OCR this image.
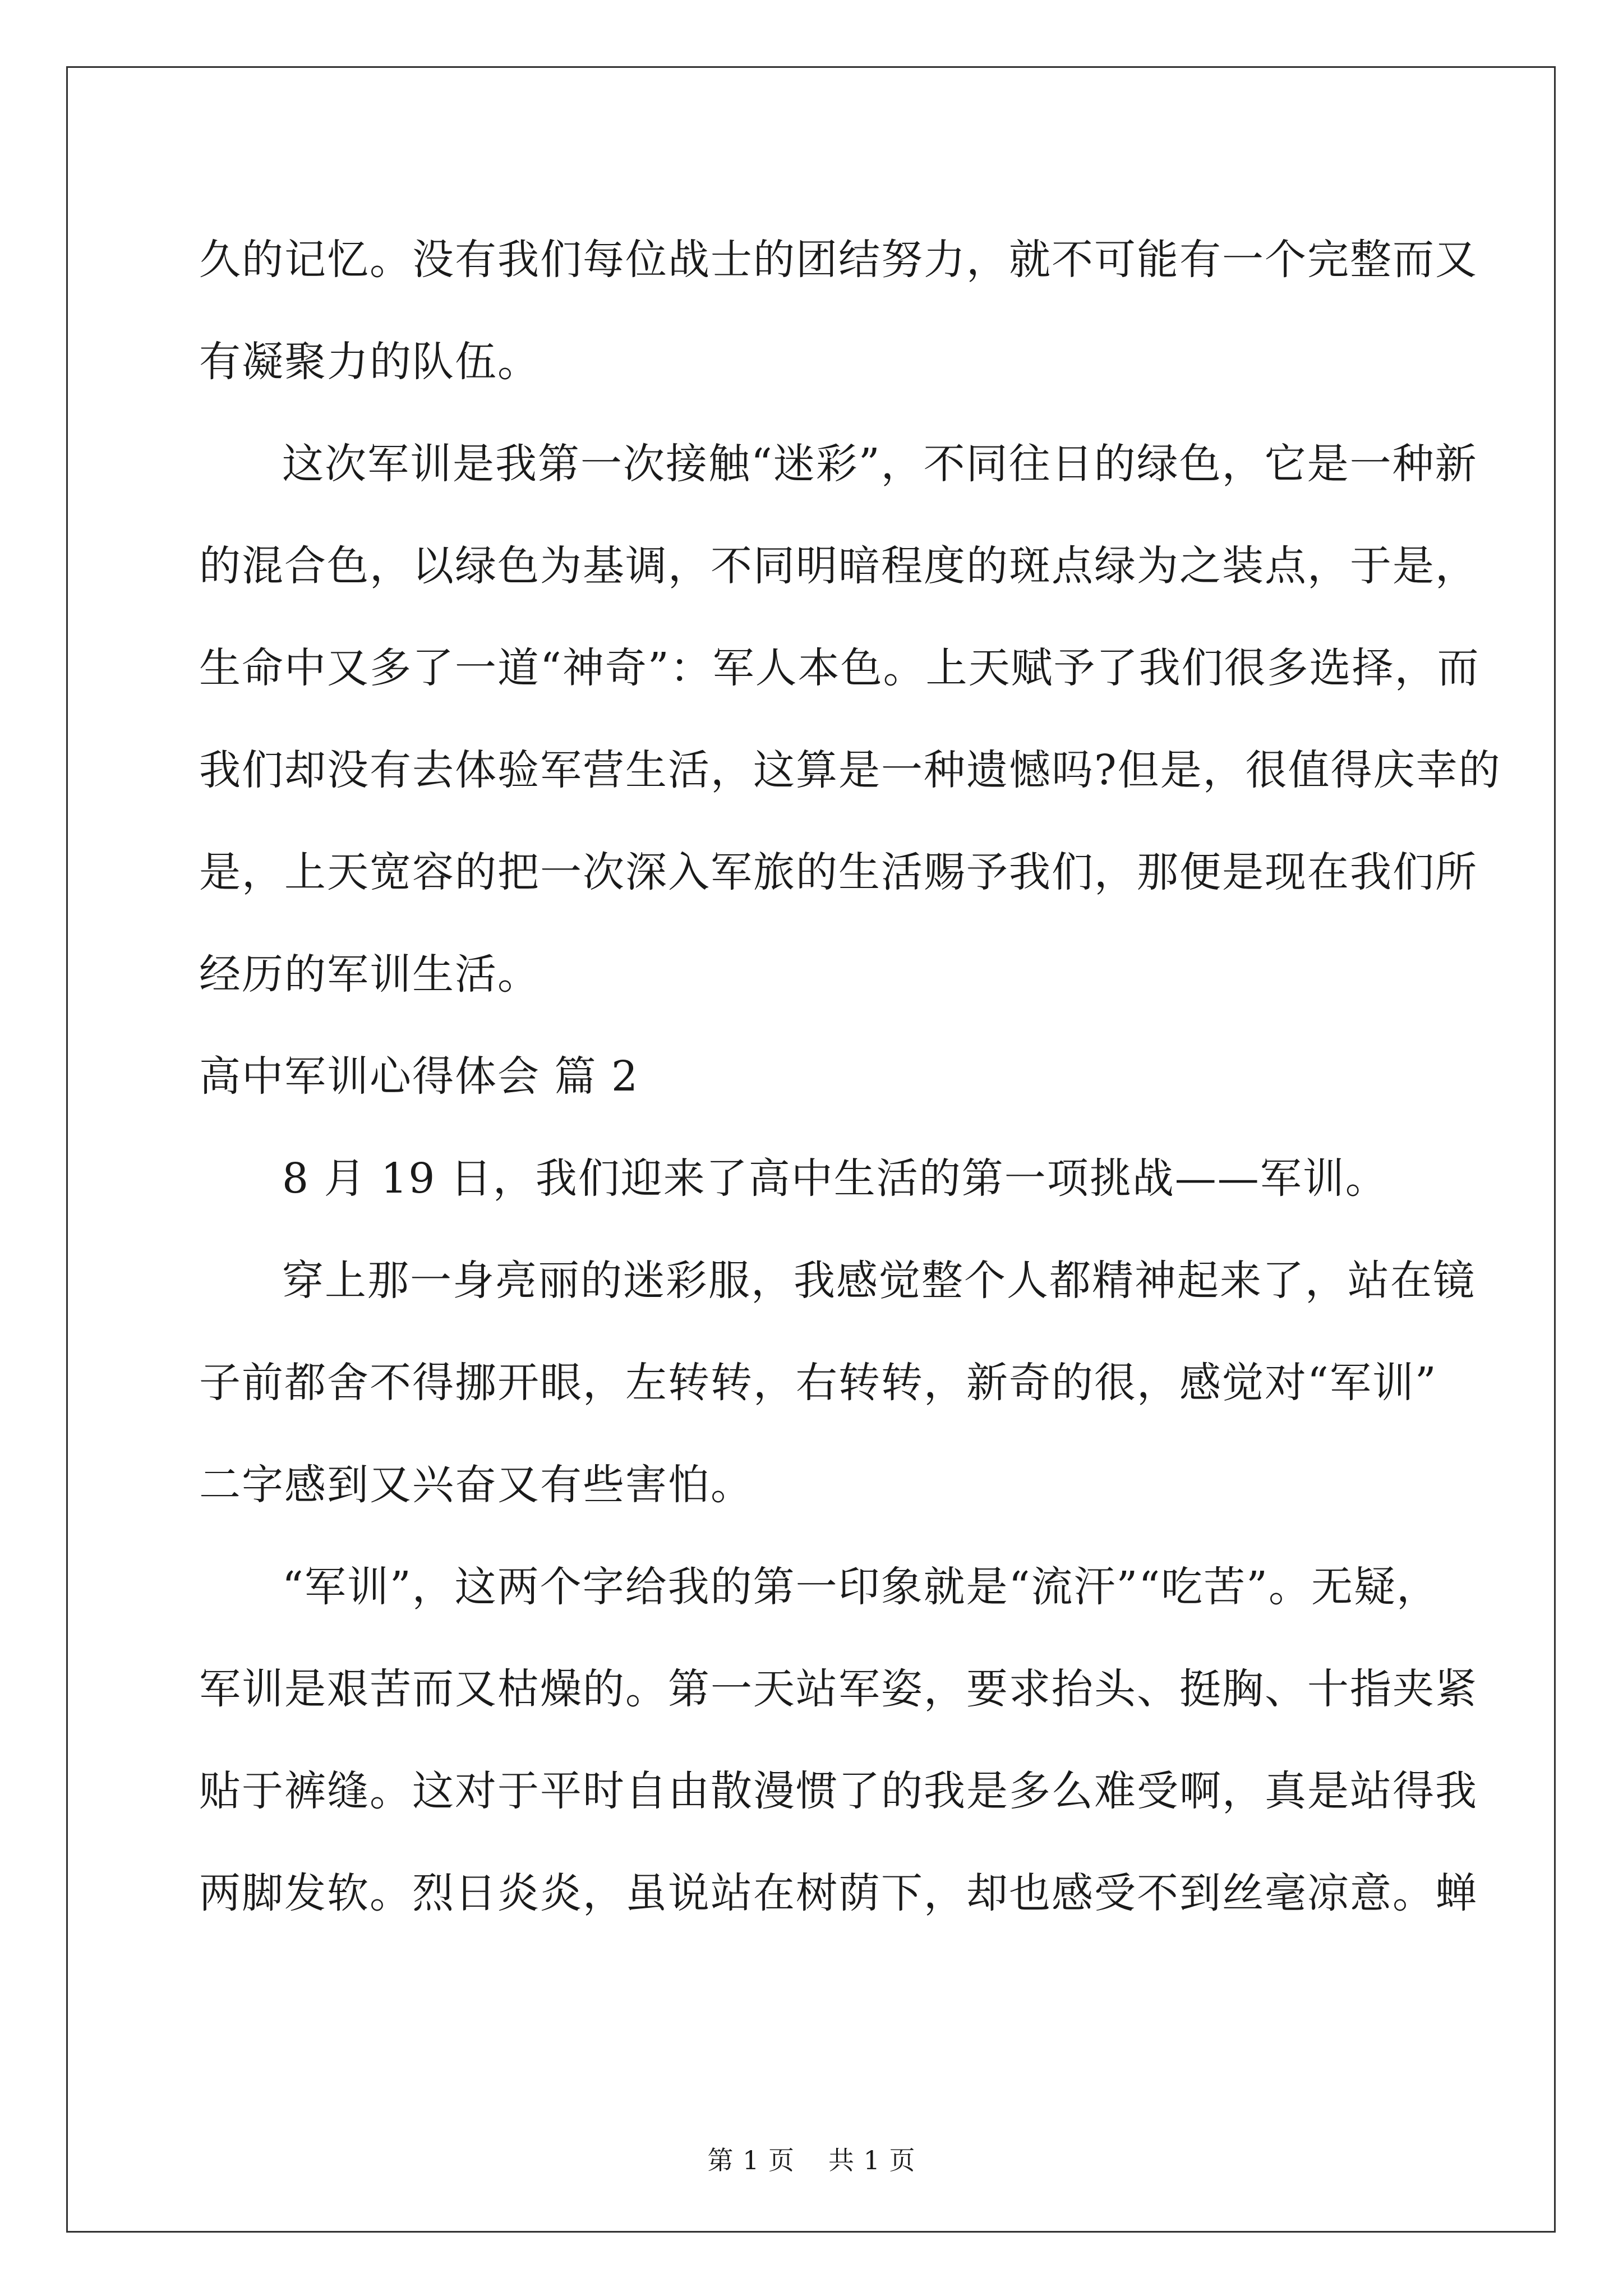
久的记忆。没有我们每位战士的团结努力，就不可能有一个完整而又
有凝聚力的队伍。
这次军训是我第一次接触“迷彩”，不同往日的绿色，它是一种新
的混合色，以绿色为基调，不同明暗程度的斑点绿为之装点，于是，
生命中又多了一道“神奇”：军人本色。上天赋予了我们很多选择，而
我们却没有去体验军营生活，这算是一种遗憾吗?但是，很值得庆幸的
是，上天宽容的把一次深入军旅的生活赐予我们，那便是现在我们所
经历的军训生活。
高中军训心得体会 篇 2
8 月 19 日，我们迎来了高中生活的第一项挑战——军训。
穿上那一身亮丽的迷彩服，我感觉整个人都精神起来了，站在镜
子前都舍不得挪开眼，左转转，右转转，新奇的很，感觉对“军训”
二字感到又兴奋又有些害怕。
“军训”，这两个字给我的第一印象就是“流汗”“吃苦”。无疑，
军训是艰苦而又枯燥的。第一天站军姿，要求抬头、挺胸、十指夹紧
贴于裤缝。这对于平时自由散漫惯了的我是多么难受啊，真是站得我
两脚发软。烈日炎炎，虽说站在树荫下，却也感受不到丝毫凉意。蝉
第 1 页 共 1 页
